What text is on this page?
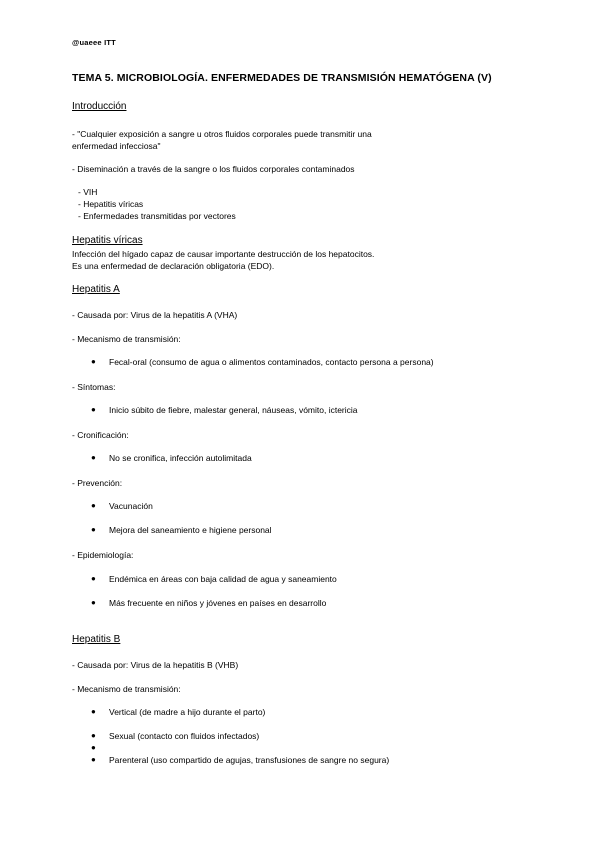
@uaeee ITT
TEMA 5. MICROBIOLOGÍA. ENFERMEDADES DE TRANSMISIÓN HEMATÓGENA (V)
Introducción
- "Cualquier exposición a sangre u otros fluidos corporales puede transmitir una
enfermedad infecciosa"
- Diseminación a través de la sangre o los fluidos corporales contaminados
- VIH
- Hepatitis víricas
- Enfermedades transmitidas por vectores
Hepatitis víricas
Infección del hígado capaz de causar importante destrucción de los hepatocitos.
Es una enfermedad de declaración obligatoria (EDO).
Hepatitis A
- Causada por: Virus de la hepatitis A (VHA)
- Mecanismo de transmisión:
● Fecal-oral (consumo de agua o alimentos contaminados, contacto persona a persona)
- Síntomas:
● Inicio súbito de fiebre, malestar general, náuseas, vómito, ictericia
- Cronificación:
● No se cronifica, infección autolimitada
- Prevención:
● Vacunación
● Mejora del saneamiento e higiene personal
- Epidemiología:
● Endémica en áreas con baja calidad de agua y saneamiento
● Más frecuente en niños y jóvenes en países en desarrollo
Hepatitis B
- Causada por: Virus de la hepatitis B (VHB)
- Mecanismo de transmisión:
● Vertical (de madre a hijo durante el parto)
● Sexual (contacto con fluidos infectados)
●
● Parenteral (uso compartido de agujas, transfusiones de sangre no segura)
